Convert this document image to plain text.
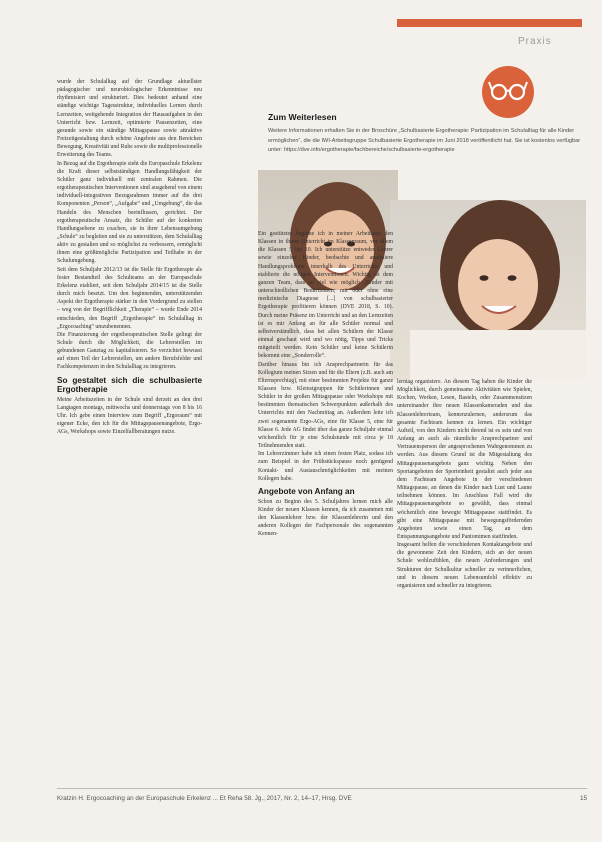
Praxis
Zum Weiterlesen
Weitere Informationen erhalten Sie in der Broschüre „Schulbasierte Ergotherapie: Partizipation im Schulalltag für alle Kinder ermöglichen“, die die IWI-Arbeitsgruppe Schulbasierte Ergotherapie im Juni 2018 veröffentlicht hat. Sie ist kostenlos verfügbar unter: https://dve.info/ergotherapie/fachbereiche/schulbasierte-ergotherapie

wurde der Schulalltag auf der Grundlage aktuellster pädagogischer und neurobiologischer Erkenntnisse neu rhythmisiert und strukturiert. Dies bedeutet anhand eine ständige wichtige Tagesstruktur, individuelles Lernen durch Lernzeiten, weitgehende Integration der Hausaufgaben in den Unterricht bzw. Lernzeit, optimierte Pausenzeiten, eine gesunde sowie ein ständige Mittagspause sowie attraktive Freizeitgestaltung durch schöne Angebote aus den Bereichen Bewegung, Kreativität und Ruhe sowie die multiprofessionelle Erweiterung des Teams.

In Bezug auf die Ergotherapie sieht die Europaschule Erkelenz die Kraft dieser selbstständigen Handlungsfähigkeit der Schüler ganz individuell mit zentralen Rahmen. Die ergotherapeutischen Interventionen sind ausgehend von einem individuell-integrativen Bezugsrahmen immer auf die drei Komponenten „Person“, „Aufgabe“ und „Umgebung“, die das Handeln des Menschen beeinflussen, gerichtet. Der ergotherapeutische Ansatz, die Schüler auf der konkreten Handlungsebene zu coachen, sie in ihrer Lebensumgebung „Schule“ zu begleiten und sie zu unterstützen, dem Schulalltag aktiv zu gestalten und so möglichst zu verbessern, ermöglicht ihnen eine größtmögliche Partizipation und Teilhabe in der Schulumgebung.

Seit dem Schuljahr 2012/13 ist die Stelle für Ergotherapie als fester Bestandteil des Schulteams an der Europaschule Erkelenz etabliert, seit dem Schuljahr 2014/15 ist die Stelle durch mich besetzt. Um den beginnenden, unterstützenden Aspekt der Ergotherapie stärker in den Vordergrund zu stellen – weg von der Begrifflichkeit „Therapie“ – wurde Ende 2014 entschieden, den Begriff „Ergotherapie“ im Schulalltag in „Ergocoaching“ umzubenennen.

Die Finanzierung der ergotherapeutischen Stelle gelingt der Schule durch die Möglichkeit, die Lehrerstellen im gebundenen Ganztag zu kapitalisieren. So verzichtet bewusst auf einen Teil der Lehrerstellen, um andere Berufsfelder und Fachkompetenzen in den Schulalltag zu integrieren.

So gestaltet sich die schulbasierte Ergotherapie

Meine Arbeitszeiten in der Schule sind derzeit an den drei Langtagen montags, mittwochs und donnerstags von 8 bis 16 Uhr. Ich gebe einen Interview zum Begriff „Ergoraum“ mit eigener Ecke, den ich für die Mittagspausenangebote, Ergo-AGs, Workshops sowie Einzelfallberatungen nutze.

Ein gestütztes beginne ich in meiner Arbeitszeit den Klassen in ihrem Unterricht im Klassenraum, vor allem die Klassen 5 bis 10. Ich unterstütze entweder Lehrer sowie einzelne Kinder, beobachte und analysiere Handlungsprobleme innerhalb des Unterrichts und etablierte die nötigen Interventionen. Wichtig ist dem ganzen Team, dass so viel wie möglich „Kinder mit unterschiedlichen Bedürfnissen, mit oder ohne eine medizinische Diagnose [...] von schulbasierter Ergotherapie profitieren können (DVE 2018, S. 10). Durch meine Präsenz im Unterricht und an den Lernzeiten ist es mir Anfang an für alle Schüler normal und selbstverständlich, dass bei allen Schülern der Klasse einmal geschaut wird und wo nötig, Tipps und Tricks mitgeteilt werden. Kein Schüler und keine Schülerin bekommt eine „Sonderrolle“.

Darüber hinaus bin ich Ansprechpartnerin für das Kollegium meinen Sitzen und für die Eltern (z.B. auch am Elternsprechtag), mit einer bestimmten Projekte für ganze Klassen bzw. Kleinstgruppen für Schülerinnen und Schüler in der großen Mittagspause oder Workshops mit bestimmten thematischen Schwerpunkten außerhalb des Unterrichts mit den Nachmittag an. Außerdem leite ich zwei sogenannte Ergo-AGs, eine für Klasse 5, eine für Klasse 6. Jede AG findet über das ganze Schuljahr einmal wöchentlich für je eine Schulstunde mit circa je 18 Teilnehmenden statt.

Im Lehrerzimmer habe ich einen festen Platz, sodass ich zum Beispiel in der Frühstückspause noch genügend Kontakt- und Austauschmöglichkeiten mit meinen Kollegen habe.

Angebote von Anfang an

Schon zu Beginn des 5. Schuljahres lernen mich alle Kinder der neuen Klassen kennen, da ich zusammen mit den Klassenlehrer bzw. der Klassenlehrerin und den anderen Kollegen der Fachpersonale des sogenannten Kennen-

lerntag organisiere. An diesem Tag haben die Kinder die Möglichkeit, durch gemeinsame Aktivitäten wie Spielen, Kochen, Werken, Lesen, Basteln, oder Zusammensitzen untereinander ihre neuen Klassenkameraden und das Klassenlehrerteam, kennenzulernen, andersrum das gesamte Fachteam kennen zu lernen. Ein wichtiger Aufteil, von den Kindern nicht derend ist es sein und von Anfang an auch als räumliche Ansprechpartner und Vertrauensperson der angesprochenen Wahrgenommen zu werden. Aus diesem Grund ist die Mitgestaltung des Mittagspausenangebots ganz wichtig. Neben den Sportangeboten der Sporteinheit gestaltet auch jeder aus dem Fachteam Angebote in der verschiedenen Mittagspause, an denen die Kinder nach Lust und Laune teilnehmen können. Im Anschluss Fall wird die Mittagspausenangebote so gewählt, dass einmal wöchentlich eine bewegte Mittagspause stattfindet. Es gibt eine Mittagspause mit bewegungsfördernden Angeboten sowie einen Tag, an dem Entspannungsangebote und Pantomimen stattfinden.

Insgesamt helfen die verschiedenen Kontaktangebote und die gewonnene Zeit den Kindern, sich an der neuen Schule wohlzufühlen, die neuen Anforderungen und Strukturen der Schulkultur schneller zu verinnerlichen, und in diesem neuen Lebensumfeld effektiv zu organisieren und schneller zu integrieren.

Kratzin H. Ergocoaching an der Europaschule Erkelenz ... Et Reha 58. Jg., 2017, Nr. 2, 14–17, Hrsg. DVE	15
